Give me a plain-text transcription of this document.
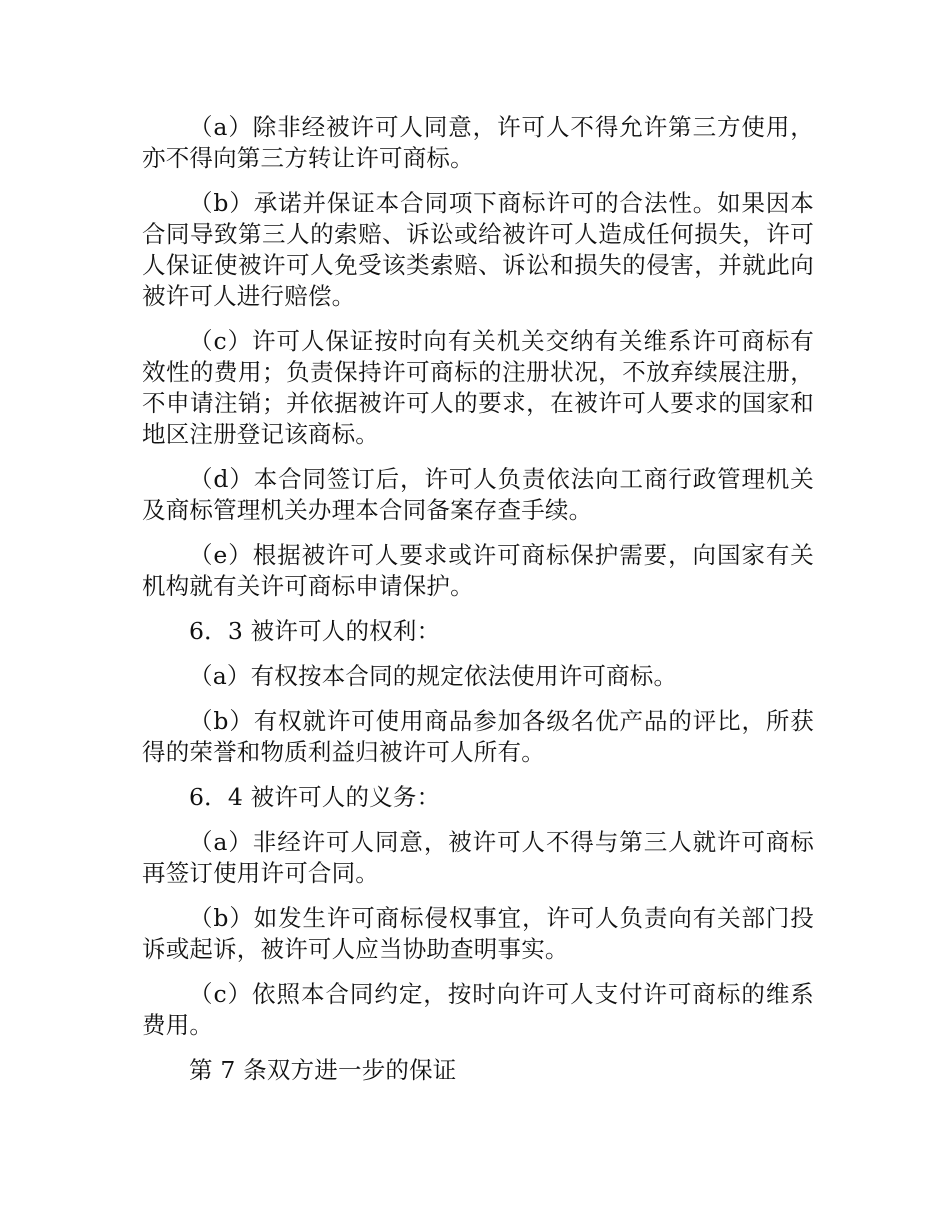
（a）除非经被许可人同意，许可人不得允许第三方使用，亦不得向第三方转让许可商标。

（b）承诺并保证本合同项下商标许可的合法性。如果因本合同导致第三人的索赔、诉讼或给被许可人造成任何损失，许可人保证使被许可人免受该类索赔、诉讼和损失的侵害，并就此向被许可人进行赔偿。

（c）许可人保证按时向有关机关交纳有关维系许可商标有效性的费用；负责保持许可商标的注册状况，不放弃续展注册，不申请注销；并依据被许可人的要求，在被许可人要求的国家和地区注册登记该商标。

（d）本合同签订后，许可人负责依法向工商行政管理机关及商标管理机关办理本合同备案存查手续。

（e）根据被许可人要求或许可商标保护需要，向国家有关机构就有关许可商标申请保护。

6．3 被许可人的权利：

（a）有权按本合同的规定依法使用许可商标。

（b）有权就许可使用商品参加各级名优产品的评比，所获得的荣誉和物质利益归被许可人所有。

6．4 被许可人的义务：

（a）非经许可人同意，被许可人不得与第三人就许可商标再签订使用许可合同。

（b）如发生许可商标侵权事宜，许可人负责向有关部门投诉或起诉，被许可人应当协助查明事实。

（c）依照本合同约定，按时向许可人支付许可商标的维系费用。

第 7 条双方进一步的保证
